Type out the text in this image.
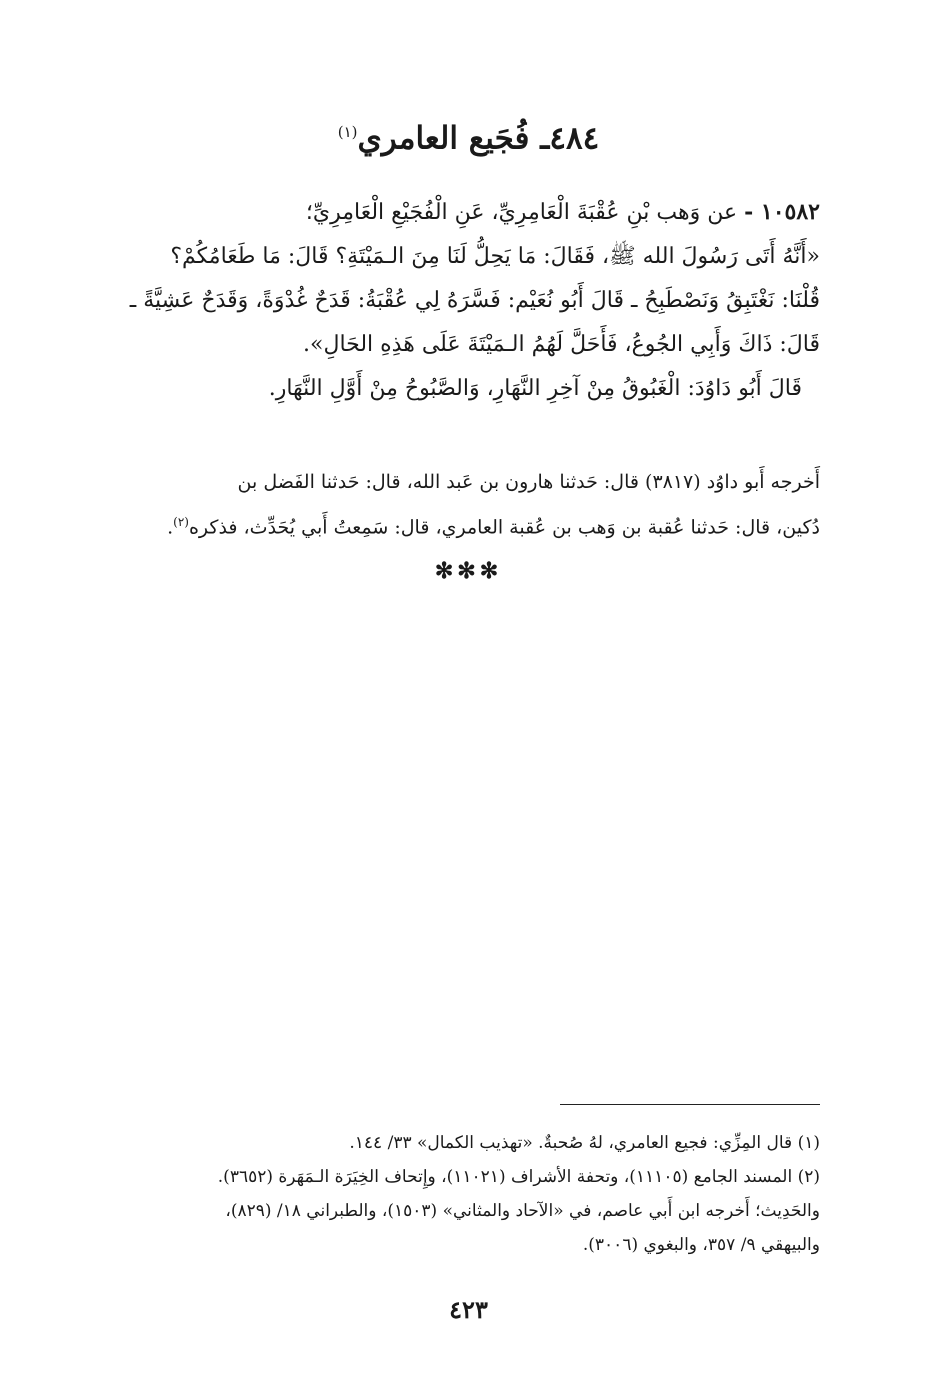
٤٨٤ـ فُجَيع العامري$^{(١)}$

١٠٥٨٢ - عن وَهب بْنِ عُقْبَةَ الْعَامِرِيِّ، عَنِ الْفُجَيْعِ الْعَامِرِيِّ؛

«أَنَّهُ أَتَى رَسُولَ الله ﷺ، فَقَالَ: مَا يَحِلُّ لَنَا مِنَ الـمَيْتَةِ؟ قَالَ: مَا طَعَامُكُمْ؟

قُلْنَا: نَغْتَبِقُ وَنَصْطَبِحُ ـ قَالَ أَبُو نُعَيْم: فَسَّرَهُ لِي عُقْبَةُ: قَدَحٌ غُدْوَةً، وَقَدَحٌ عَشِيَّةً ـ

قَالَ: ذَاكَ وَأَبِي الجُوعُ، فَأَحَلَّ لَهُمُ الـمَيْتَةَ عَلَى هَذِهِ الحَالِ».

قَالَ أَبُو دَاوُدَ: الْغَبُوقُ مِنْ آخِرِ النَّهَارِ، وَالصَّبُوحُ مِنْ أَوَّلِ النَّهَارِ.

أَخرجه أَبو داوُد (٣٨١٧) قال: حَدثنا هارون بن عَبد الله، قال: حَدثنا الفَضل بن

دُكين، قال: حَدثنا عُقبة بن وَهب بن عُقبة العامري، قال: سَمِعتُ أَبي يُحَدِّث، فذكره$^{(٢)}$.

✻✻✻

(١) قال المِزِّي: فجيع العامري، لهُ صُحبةٌ. «تهذيب الكمال» ٣٣/ ١٤٤.

(٢) المسند الجامع (١١١٠٥)، وتحفة الأشراف (١١٠٢١)، وإِتحاف الخِيَرَة الـمَهَرة (٣٦٥٢).

والحَدِيث؛ أَخرجه ابن أَبي عاصم، في «الآحاد والمثاني» (١٥٠٣)، والطبراني ١٨/ (٨٢٩)،

والبيهقي ٩/ ٣٥٧، والبغوي (٣٠٠٦).

٤٢٣
